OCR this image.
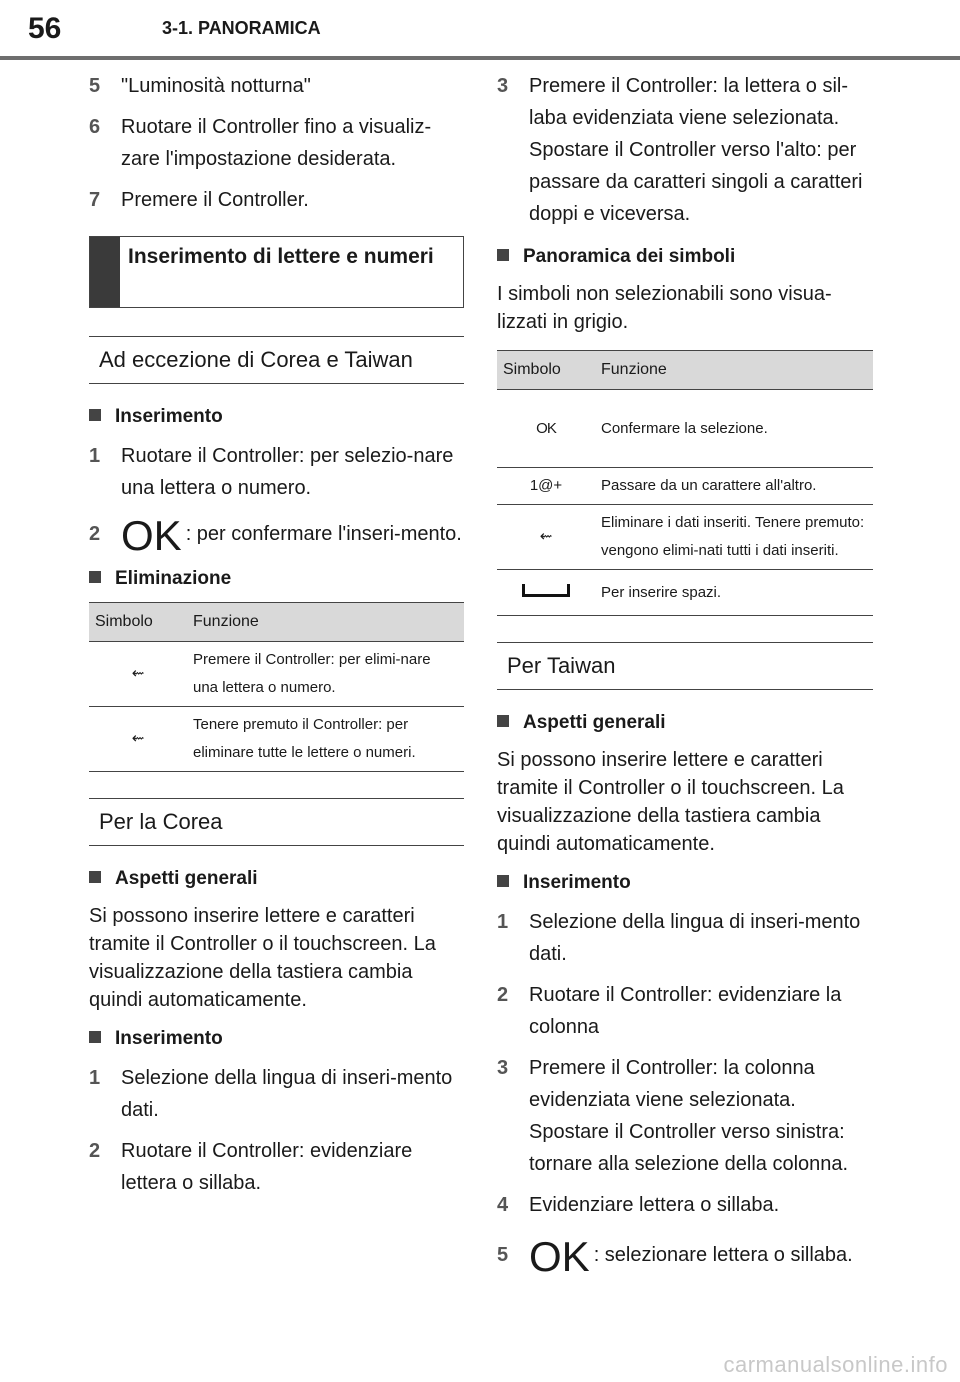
56	3-1. PANORAMICA
5 "Luminosità notturna"
6 Ruotare il Controller fino a visualiz-zare l'impostazione desiderata.
7 Premere il Controller.
Inserimento di lettere e numeri
Ad eccezione di Corea e Taiwan
Inserimento
1 Ruotare il Controller: per selezio-nare una lettera o numero.
2 OK : per confermare l'inseri-mento.
Eliminazione
Simbolo	Funzione
⇜	Premere il Controller: per elimi-nare una lettera o numero.
⇜	Tenere premuto il Controller: per eliminare tutte le lettere o numeri.
Per la Corea
Aspetti generali
Si possono inserire lettere e caratteri tramite il Controller o il touchscreen. La visualizzazione della tastiera cambia quindi automaticamente.
Inserimento
1 Selezione della lingua di inseri-mento dati.
2 Ruotare il Controller: evidenziare lettera o sillaba.
3 Premere il Controller: la lettera o sil-laba evidenziata viene selezionata. Spostare il Controller verso l'alto: per passare da caratteri singoli a caratteri doppi e viceversa.
Panoramica dei simboli
I simboli non selezionabili sono visua-lizzati in grigio.
Simbolo	Funzione
OK	Confermare la selezione.
1@+	Passare da un carattere all'altro.
⇜	Eliminare i dati inseriti. Tenere premuto: vengono elimi-nati tutti i dati inseriti.
	Per inserire spazi.
Per Taiwan
Aspetti generali
Si possono inserire lettere e caratteri tramite il Controller o il touchscreen. La visualizzazione della tastiera cambia quindi automaticamente.
Inserimento
1 Selezione della lingua di inseri-mento dati.
2 Ruotare il Controller: evidenziare la colonna
3 Premere il Controller: la colonna evidenziata viene selezionata. Spostare il Controller verso sinistra: tornare alla selezione della colonna.
4 Evidenziare lettera o sillaba.
5 OK : selezionare lettera o sillaba.
carmanualsonline.info
